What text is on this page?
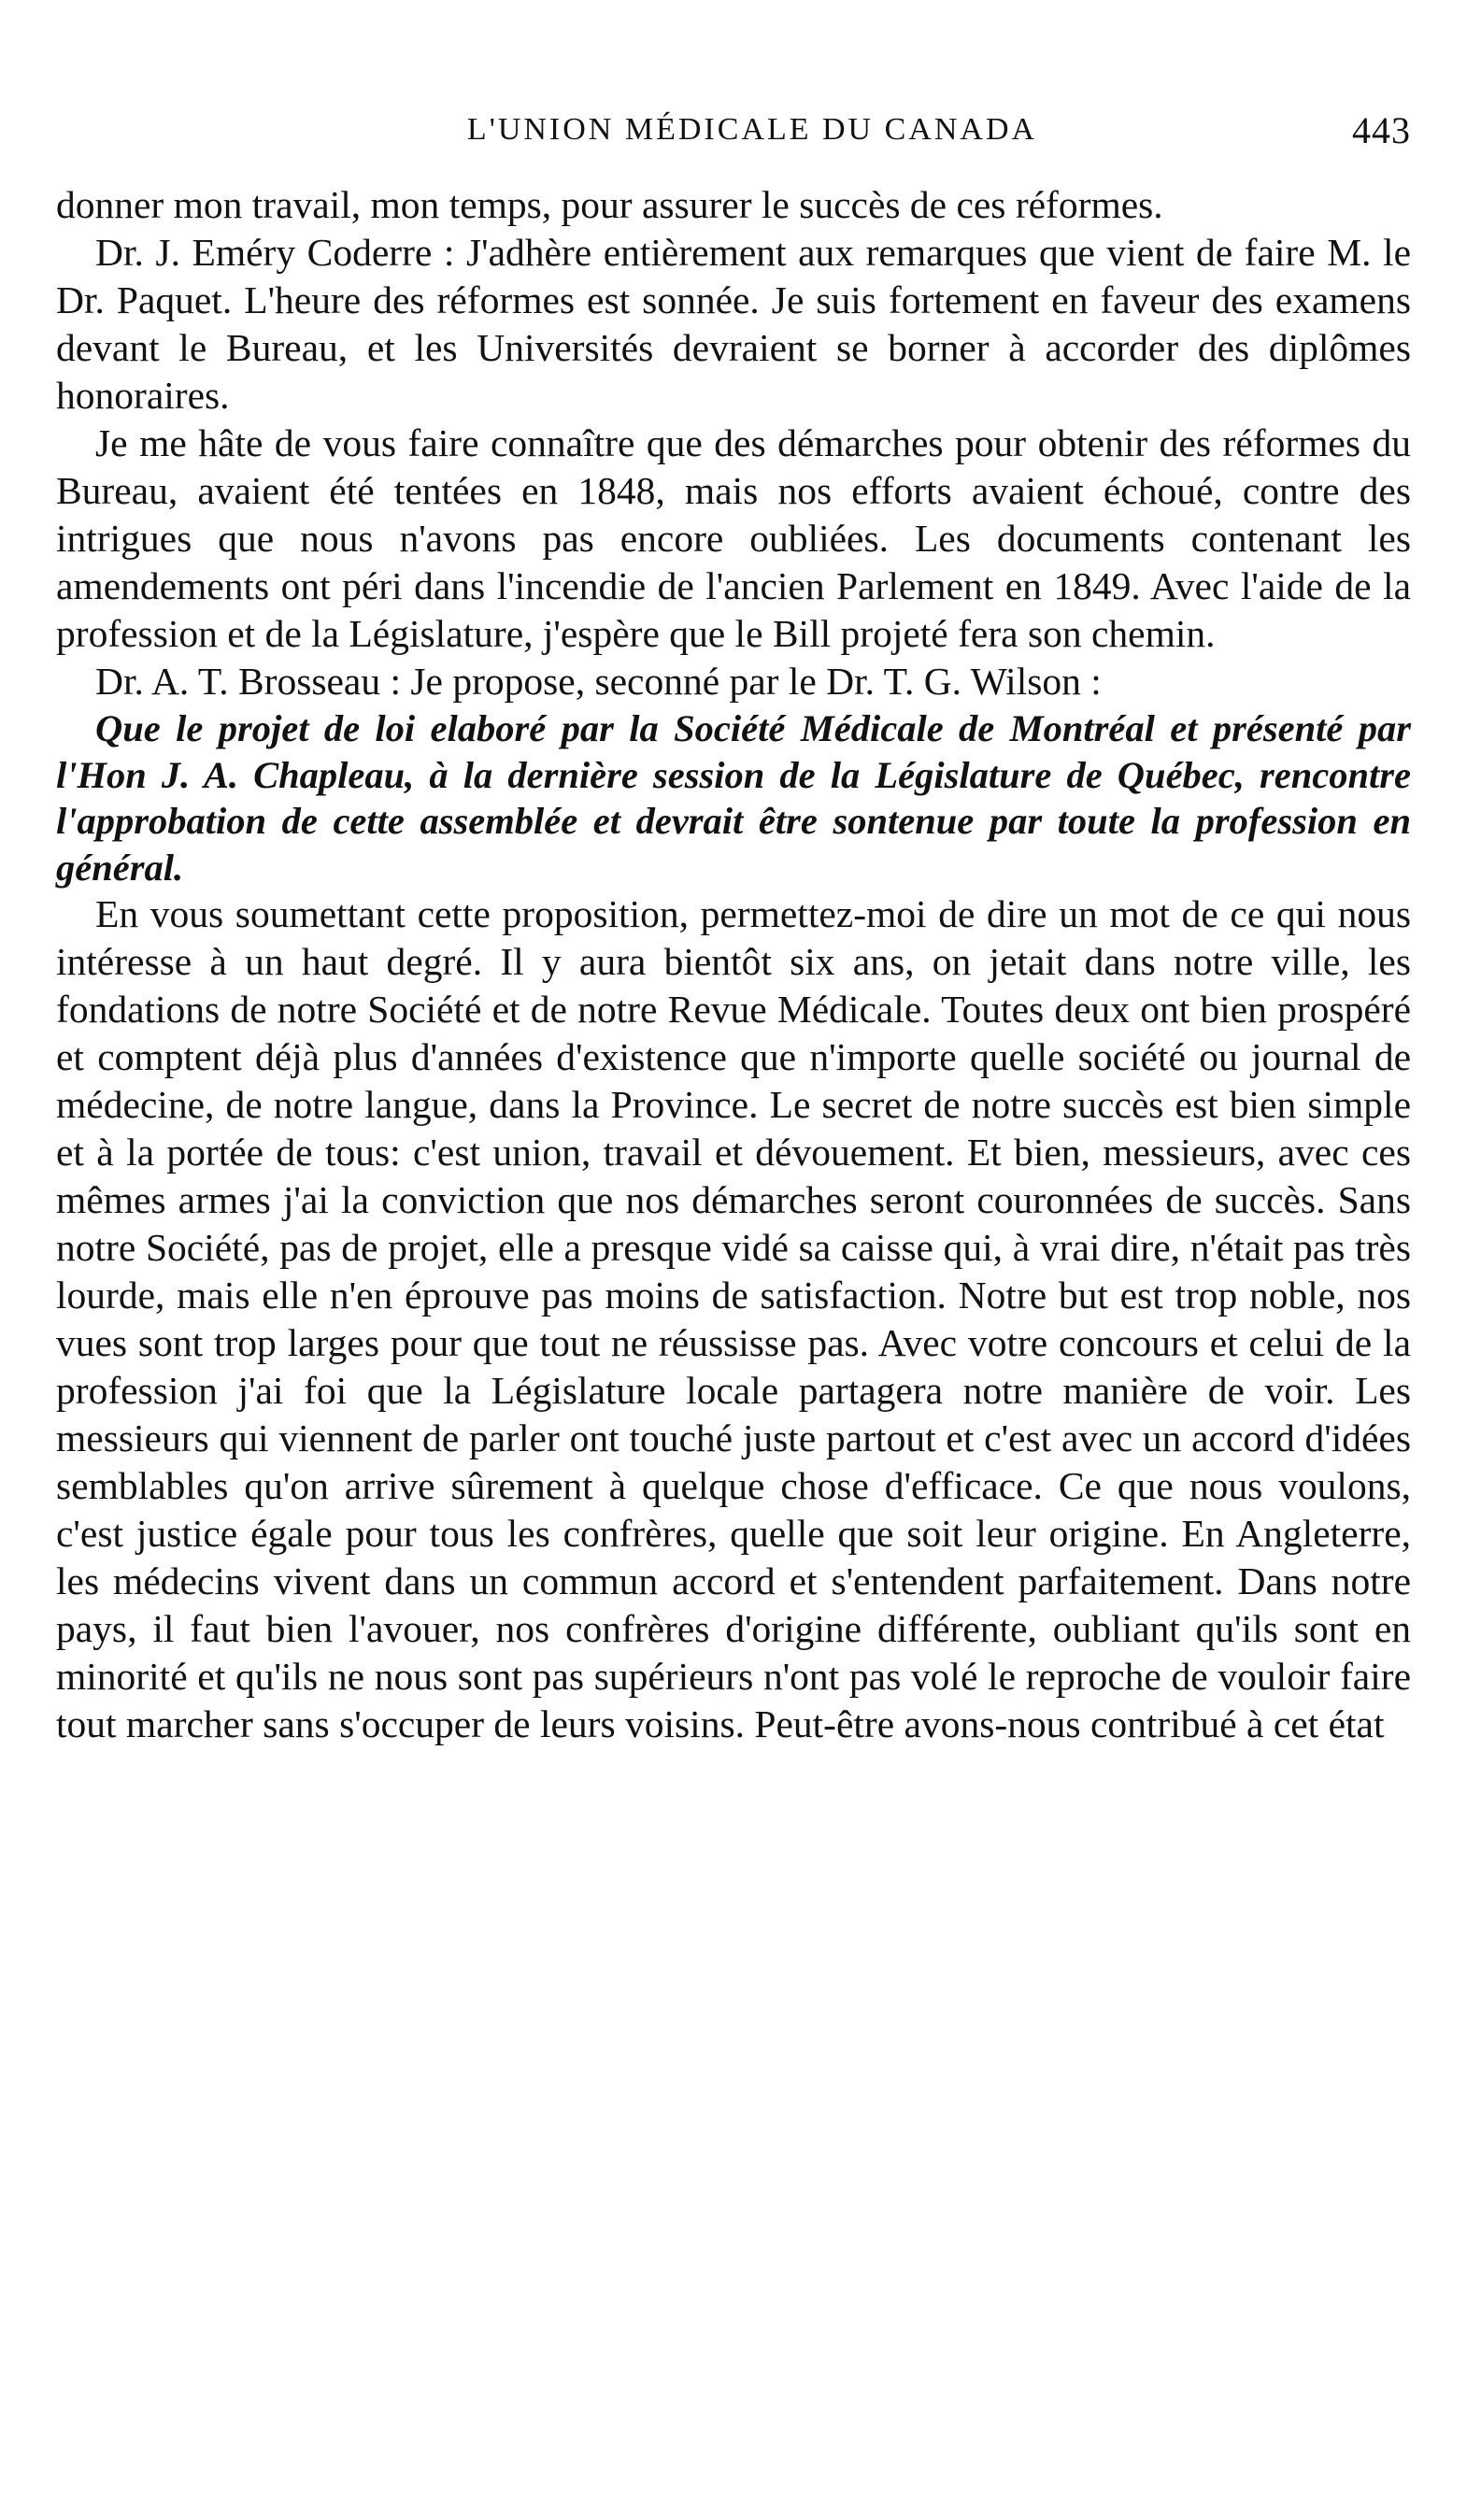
L'UNION MÉDICALE DU CANADA	443

donner mon travail, mon temps, pour assurer le succès de ces réformes.

Dr. J. Eméry Coderre : J'adhère entièrement aux remarques que vient de faire M. le Dr. Paquet. L'heure des réformes est sonnée. Je suis fortement en faveur des examens devant le Bureau, et les Universités devraient se borner à accorder des diplômes honoraires.

Je me hâte de vous faire connaître que des démarches pour obtenir des réformes du Bureau, avaient été tentées en 1848, mais nos efforts avaient échoué, contre des intrigues que nous n'avons pas encore oubliées. Les documents contenant les amendements ont péri dans l'incendie de l'ancien Parlement en 1849. Avec l'aide de la profession et de la Législature, j'espère que le Bill projeté fera son chemin.

Dr. A. T. Brosseau : Je propose, seconné par le Dr. T. G. Wilson :

Que le projet de loi elaboré par la Société Médicale de Montréal et présenté par l'Hon J. A. Chapleau, à la dernière session de la Législature de Québec, rencontre l'approbation de cette assemblée et devrait être sontenue par toute la profession en général.

En vous soumettant cette proposition, permettez-moi de dire un mot de ce qui nous intéresse à un haut degré. Il y aura bientôt six ans, on jetait dans notre ville, les fondations de notre Société et de notre Revue Médicale. Toutes deux ont bien prospéré et comptent déjà plus d'années d'existence que n'importe quelle société ou journal de médecine, de notre langue, dans la Province. Le secret de notre succès est bien simple et à la portée de tous: c'est union, travail et dévouement. Et bien, messieurs, avec ces mêmes armes j'ai la conviction que nos démarches seront couronnées de succès. Sans notre Société, pas de projet, elle a presque vidé sa caisse qui, à vrai dire, n'était pas très lourde, mais elle n'en éprouve pas moins de satisfaction. Notre but est trop noble, nos vues sont trop larges pour que tout ne réussisse pas. Avec votre concours et celui de la profession j'ai foi que la Législature locale partagera notre manière de voir. Les messieurs qui viennent de parler ont touché juste partout et c'est avec un accord d'idées semblables qu'on arrive sûrement à quelque chose d'efficace. Ce que nous voulons, c'est justice égale pour tous les confrères, quelle que soit leur origine. En Angleterre, les médecins vivent dans un commun accord et s'entendent parfaitement. Dans notre pays, il faut bien l'avouer, nos confrères d'origine différente, oubliant qu'ils sont en minorité et qu'ils ne nous sont pas supérieurs n'ont pas volé le reproche de vouloir faire tout marcher sans s'occuper de leurs voisins. Peut-être avons-nous contribué à cet état
